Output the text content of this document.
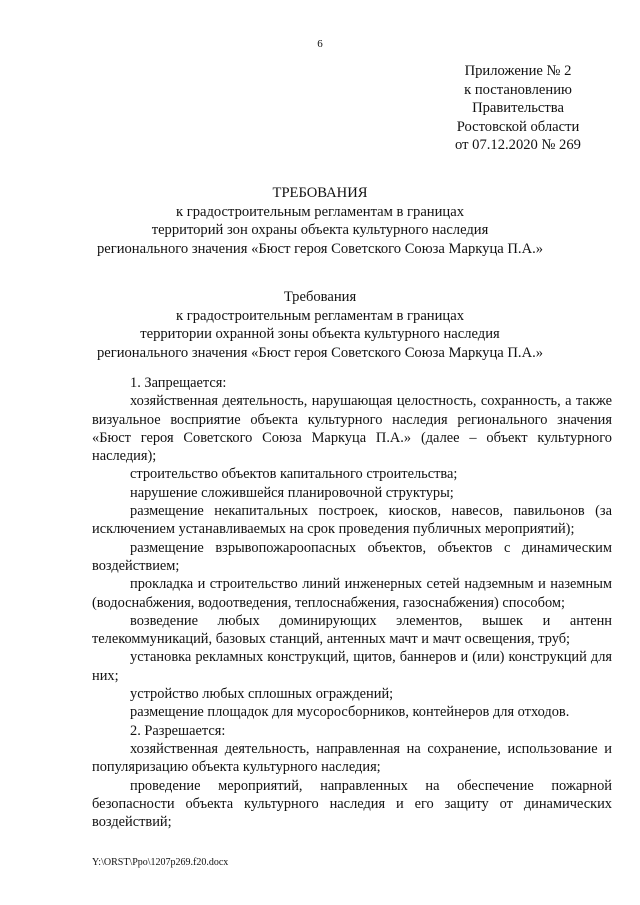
6
Приложение № 2
к постановлению
Правительства
Ростовской области
от 07.12.2020 № 269
ТРЕБОВАНИЯ
к градостроительным регламентам в границах
территорий зон охраны объекта культурного наследия
регионального значения «Бюст героя Советского Союза Маркуца П.А.»
Требования
к градостроительным регламентам в границах
территории охранной зоны объекта культурного наследия
регионального значения «Бюст героя Советского Союза Маркуца П.А.»

1. Запрещается:

хозяйственная деятельность, нарушающая целостность, сохранность, а также визуальное восприятие объекта культурного наследия регионального значения «Бюст героя Советского Союза Маркуца П.А.» (далее – объект культурного наследия);

строительство объектов капитального строительства;

нарушение сложившейся планировочной структуры;

размещение некапитальных построек, киосков, навесов, павильонов (за исключением устанавливаемых на срок проведения публичных мероприятий);

размещение взрывопожароопасных объектов, объектов с динамическим воздействием;

прокладка и строительство линий инженерных сетей надземным и наземным (водоснабжения, водоотведения, теплоснабжения, газоснабжения) способом;

возведение любых доминирующих элементов, вышек и антенн телекоммуникаций, базовых станций, антенных мачт и мачт освещения, труб;

установка рекламных конструкций, щитов, баннеров и (или) конструкций для них;

устройство любых сплошных ограждений;

размещение площадок для мусоросборников, контейнеров для отходов.

2. Разрешается:

хозяйственная деятельность, направленная на сохранение, использование и популяризацию объекта культурного наследия;

проведение мероприятий, направленных на обеспечение пожарной безопасности объекта культурного наследия и его защиту от динамических воздействий;

Y:\ORST\Ppo\1207p269.f20.docx
